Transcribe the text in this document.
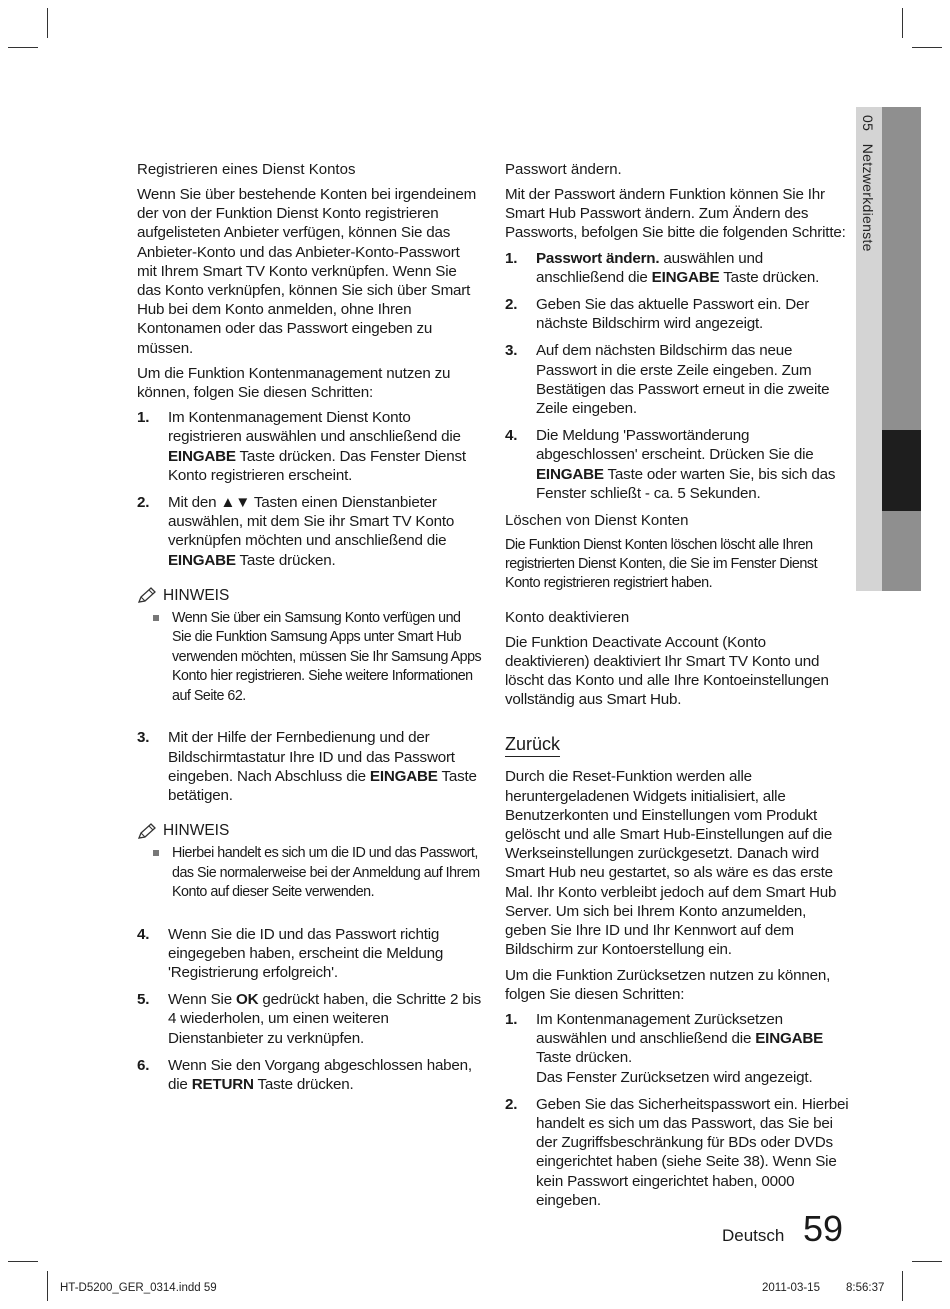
05   Netzwerkdienste
Registrieren eines Dienst Kontos
Wenn Sie über bestehende Konten bei irgendeinem der von der Funktion Dienst Konto registrieren aufgelisteten Anbieter verfügen, können Sie das Anbieter-Konto und das Anbieter-Konto-Passwort mit Ihrem Smart TV Konto verknüpfen. Wenn Sie das Konto verknüpfen, können Sie sich über Smart Hub bei dem Konto anmelden, ohne Ihren Kontonamen oder das Passwort eingeben zu müssen.
Um die Funktion Kontenmanagement nutzen zu können, folgen Sie diesen Schritten:
1. Im Kontenmanagement Dienst Konto registrieren auswählen und anschließend die EINGABE Taste drücken. Das Fenster Dienst Konto registrieren erscheint.
2. Mit den ▲▼ Tasten einen Dienstanbieter auswählen, mit dem Sie ihr Smart TV Konto verknüpfen möchten und anschließend die EINGABE Taste drücken.
HINWEIS
Wenn Sie über ein Samsung Konto verfügen und Sie die Funktion Samsung Apps unter Smart Hub verwenden möchten, müssen Sie Ihr Samsung Apps Konto hier registrieren. Siehe weitere Informationen auf Seite 62.
3. Mit der Hilfe der Fernbedienung und der Bildschirmtastatur Ihre ID und das Passwort eingeben. Nach Abschluss die EINGABE Taste betätigen.
HINWEIS
Hierbei handelt es sich um die ID und das Passwort, das Sie normalerweise bei der Anmeldung auf Ihrem Konto auf dieser Seite verwenden.
4. Wenn Sie die ID und das Passwort richtig eingegeben haben, erscheint die Meldung 'Registrierung erfolgreich'.
5. Wenn Sie OK gedrückt haben, die Schritte 2 bis 4 wiederholen, um einen weiteren Dienstanbieter zu verknüpfen.
6. Wenn Sie den Vorgang abgeschlossen haben, die RETURN Taste drücken.
Passwort ändern.
Mit der Passwort ändern Funktion können Sie Ihr Smart Hub Passwort ändern. Zum Ändern des Passworts, befolgen Sie bitte die folgenden Schritte:
1. Passwort ändern. auswählen und anschließend die EINGABE Taste drücken.
2. Geben Sie das aktuelle Passwort ein. Der nächste Bildschirm wird angezeigt.
3. Auf dem nächsten Bildschirm das neue Passwort in die erste Zeile eingeben. Zum Bestätigen das Passwort erneut in die zweite Zeile eingeben.
4. Die Meldung 'Passwortänderung abgeschlossen' erscheint. Drücken Sie die EINGABE Taste oder warten Sie, bis sich das Fenster schließt - ca. 5 Sekunden.
Löschen von Dienst Konten
Die Funktion Dienst Konten löschen löscht alle Ihren registrierten Dienst Konten, die Sie im Fenster Dienst Konto registrieren registriert haben.
Konto deaktivieren
Die Funktion Deactivate Account (Konto deaktivieren) deaktiviert Ihr Smart TV Konto und löscht das Konto und alle Ihre Kontoeinstellungen vollständig aus Smart Hub.
Zurück
Durch die Reset-Funktion werden alle heruntergeladenen Widgets initialisiert, alle Benutzerkonten und Einstellungen vom Produkt gelöscht und alle Smart Hub-Einstellungen auf die Werkseinstellungen zurückgesetzt. Danach wird Smart Hub neu gestartet, so als wäre es das erste Mal. Ihr Konto verbleibt jedoch auf dem Smart Hub Server. Um sich bei Ihrem Konto anzumelden, geben Sie Ihre ID und Ihr Kennwort auf dem Bildschirm zur Kontoerstellung ein.
Um die Funktion Zurücksetzen nutzen zu können, folgen Sie diesen Schritten:
1. Im Kontenmanagement Zurücksetzen auswählen und anschließend die EINGABE Taste drücken.
Das Fenster Zurücksetzen wird angezeigt.
2. Geben Sie das Sicherheitspasswort ein. Hierbei handelt es sich um das Passwort, das Sie bei der Zugriffsbeschränkung für BDs oder DVDs eingerichtet haben (siehe Seite 38). Wenn Sie kein Passwort eingerichtet haben, 0000 eingeben.
Deutsch 59
HT-D5200_GER_0314.indd 59	2011-03-15 8:56:37
